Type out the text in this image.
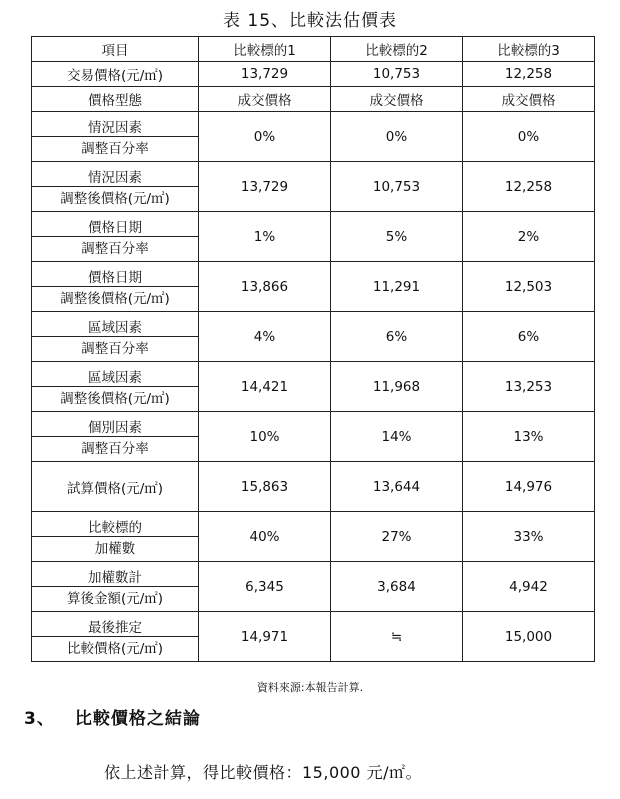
表 15、比較法估價表
項目	比較標的1	比較標的2	比較標的3
交易價格(元/㎡)	13,729	10,753	12,258
價格型態	成交價格	成交價格	成交價格

情況因素
調整百分率	0%	0%	0%

情況因素
調整後價格(元/㎡)	13,729	10,753	12,258

價格日期
調整百分率	1%	5%	2%

價格日期
調整後價格(元/㎡)	13,866	11,291	12,503

區域因素
調整百分率	4%	6%	6%

區域因素
調整後價格(元/㎡)	14,421	11,968	13,253

個別因素
調整百分率	10%	14%	13%
試算價格(元/㎡)	15,863	13,644	14,976

比較標的
加權數	40%	27%	33%

加權數計
算後金額(元/㎡)	6,345	3,684	4,942

最後推定
比較價格(元/㎡)	14,971	≒	15,000
資料來源:本報告計算.
3、 比較價格之結論
依上述計算，得比較價格：15,000 元/㎡。
